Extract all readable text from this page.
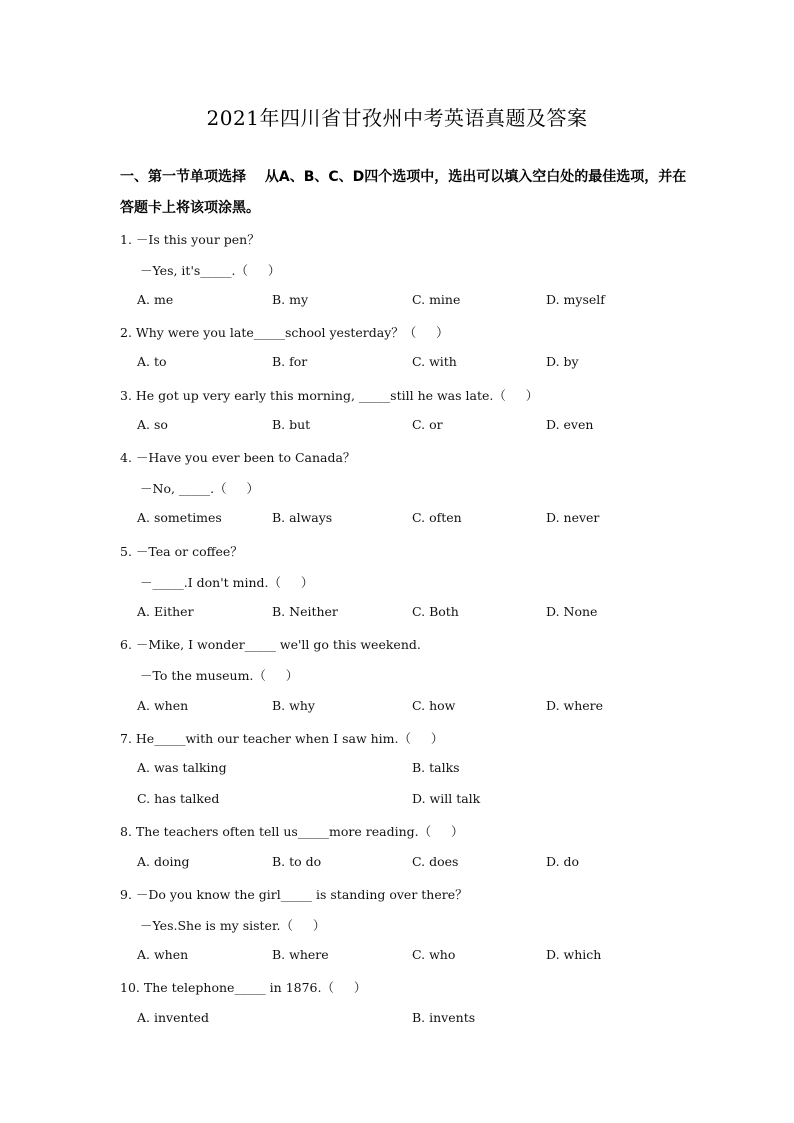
2021年四川省甘孜州中考英语真题及答案
一、第一节单项选择　 从A、B、C、D四个选项中，选出可以填入空白处的最佳选项，并在
答题卡上将该项涂黑。
1. －Is this your pen？
－Yes, it's_____.（     ）
A. me	B. my	C. mine	D. myself
2. Why were you late_____school yesterday？（     ）
A. to	B. for	C. with	D. by
3. He got up very early this morning, _____still he was late.（     ）
A. so	B. but	C. or	D. even
4. －Have you ever been to Canada？
－No, _____.（     ）
A. sometimes	B. always	C. often	D. never
5. －Tea or coffee？
－_____.I don't mind.（     ）
A. Either	B. Neither	C. Both	D. None
6. －Mike, I wonder_____ we'll go this weekend.
－To the museum.（     ）
A. when	B. why	C. how	D. where
7. He_____with our teacher when I saw him.（     ）
A. was talking	B. talks
C. has talked	D. will talk
8. The teachers often tell us_____more reading.（     ）
A. doing	B. to do	C. does	D. do
9. －Do you know the girl_____ is standing over there？
－Yes.She is my sister.（     ）
A. when	B. where	C. who	D. which
10. The telephone_____ in 1876.（     ）
A. invented	B. invents
